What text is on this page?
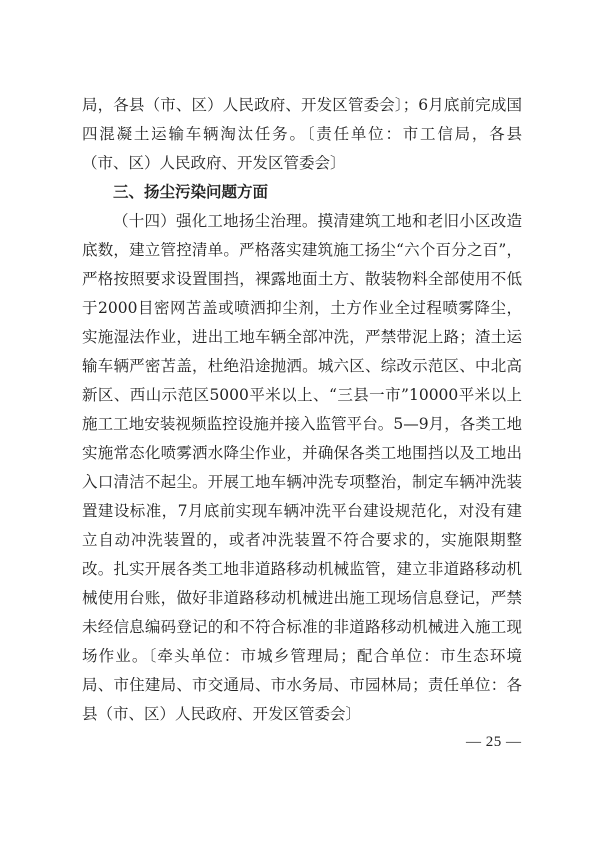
局，各县（市、区）人民政府、开发区管委会〕；6月底前完成国四混凝土运输车辆淘汰任务。〔责任单位：市工信局，各县（市、区）人民政府、开发区管委会〕

三、扬尘污染问题方面

（十四）强化工地扬尘治理。摸清建筑工地和老旧小区改造底数，建立管控清单。严格落实建筑施工扬尘“六个百分之百”，严格按照要求设置围挡，裸露地面土方、散装物料全部使用不低于2000目密网苫盖或喷洒抑尘剂，土方作业全过程喷雾降尘，实施湿法作业，进出工地车辆全部冲洗，严禁带泥上路；渣土运输车辆严密苫盖，杜绝沿途抛洒。城六区、综改示范区、中北高新区、西山示范区5000平米以上、“三县一市”10000平米以上施工工地安装视频监控设施并接入监管平台。5—9月，各类工地实施常态化喷雾洒水降尘作业，并确保各类工地围挡以及工地出入口清洁不起尘。开展工地车辆冲洗专项整治，制定车辆冲洗装置建设标准，7月底前实现车辆冲洗平台建设规范化，对没有建立自动冲洗装置的，或者冲洗装置不符合要求的，实施限期整改。扎实开展各类工地非道路移动机械监管，建立非道路移动机械使用台账，做好非道路移动机械进出施工现场信息登记，严禁未经信息编码登记的和不符合标准的非道路移动机械进入施工现场作业。〔牵头单位：市城乡管理局；配合单位：市生态环境局、市住建局、市交通局、市水务局、市园林局；责任单位：各县（市、区）人民政府、开发区管委会〕

— 25 —
